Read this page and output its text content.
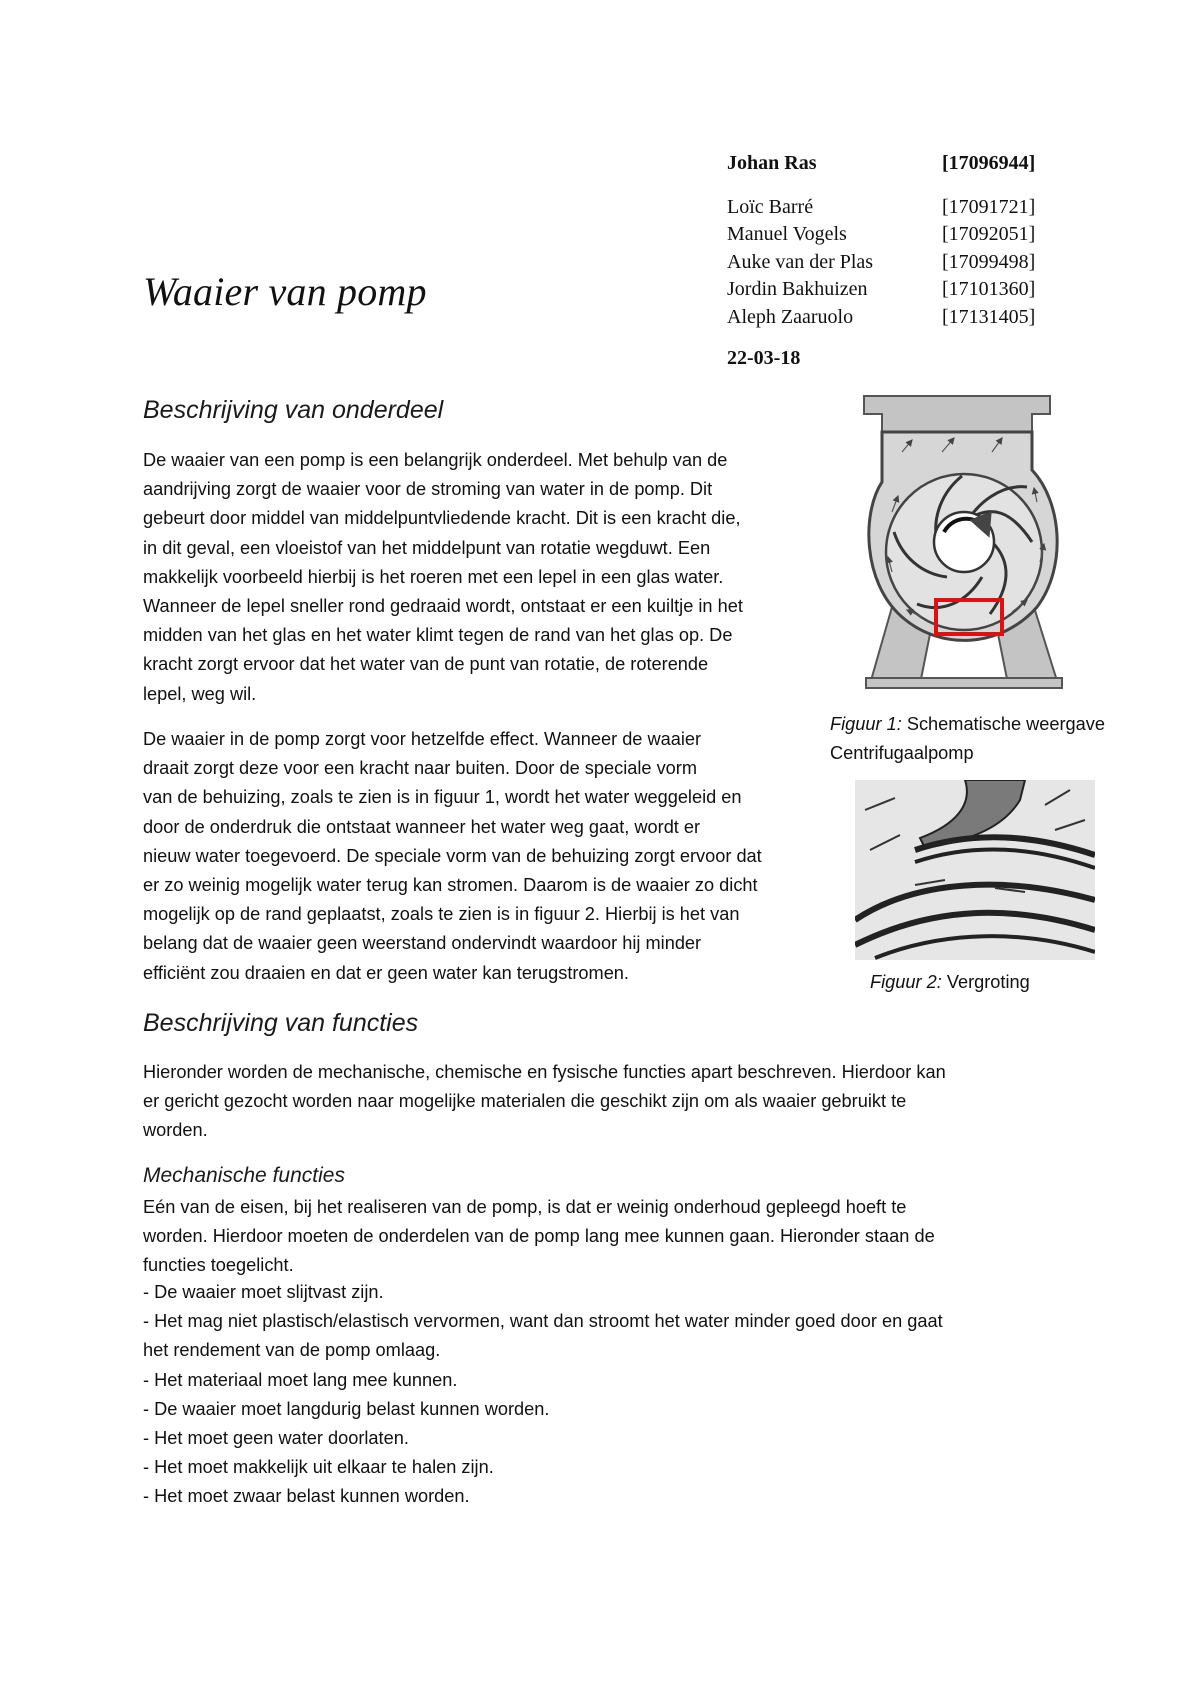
Johan Ras	[17096944]
Loïc Barré	[17091721]
Manuel Vogels	[17092051]
Auke van der Plas	[17099498]
Jordin Bakhuizen	[17101360]
Aleph Zaaruolo	[17131405]
22-03-18
Waaier van pomp
Beschrijving van onderdeel

De waaier van een pomp is een belangrijk onderdeel. Met behulp van de
aandrijving zorgt de waaier voor de stroming van water in de pomp. Dit
gebeurt door middel van middelpuntvliedende kracht. Dit is een kracht die,
in dit geval, een vloeistof van het middelpunt van rotatie wegduwt. Een
makkelijk voorbeeld hierbij is het roeren met een lepel in een glas water.
Wanneer de lepel sneller rond gedraaid wordt, ontstaat er een kuiltje in het
midden van het glas en het water klimt tegen de rand van het glas op. De
kracht zorgt ervoor dat het water van de punt van rotatie, de roterende
lepel, weg wil.

De waaier in de pomp zorgt voor hetzelfde effect. Wanneer de waaier
draait zorgt deze voor een kracht naar buiten. Door de speciale vorm
van de behuizing, zoals te zien is in figuur 1, wordt het water weggeleid en
door de onderdruk die ontstaat wanneer het water weg gaat, wordt er
nieuw water toegevoerd. De speciale vorm van de behuizing zorgt ervoor dat
er zo weinig mogelijk water terug kan stromen. Daarom is de waaier zo dicht
mogelijk op de rand geplaatst, zoals te zien is in figuur 2. Hierbij is het van
belang dat de waaier geen weerstand ondervindt waardoor hij minder
efficiënt zou draaien en dat er geen water kan terugstromen.

Figuur 1: Schematische weergave
Centrifugaalpomp
Figuur 2: Vergroting
Beschrijving van functies

Hieronder worden de mechanische, chemische en fysische functies apart beschreven. Hierdoor kan
er gericht gezocht worden naar mogelijke materialen die geschikt zijn om als waaier gebruikt te
worden.

Mechanische functies

Eén van de eisen, bij het realiseren van de pomp, is dat er weinig onderhoud gepleegd hoeft te
worden. Hierdoor moeten de onderdelen van de pomp lang mee kunnen gaan. Hieronder staan de
functies toegelicht.

- De waaier moet slijtvast zijn.
- Het mag niet plastisch/elastisch vervormen, want dan stroomt het water minder goed door en gaat
het rendement van de pomp omlaag.
- Het materiaal moet lang mee kunnen.
- De waaier moet langdurig belast kunnen worden.
- Het moet geen water doorlaten.
- Het moet makkelijk uit elkaar te halen zijn.
- Het moet zwaar belast kunnen worden.
